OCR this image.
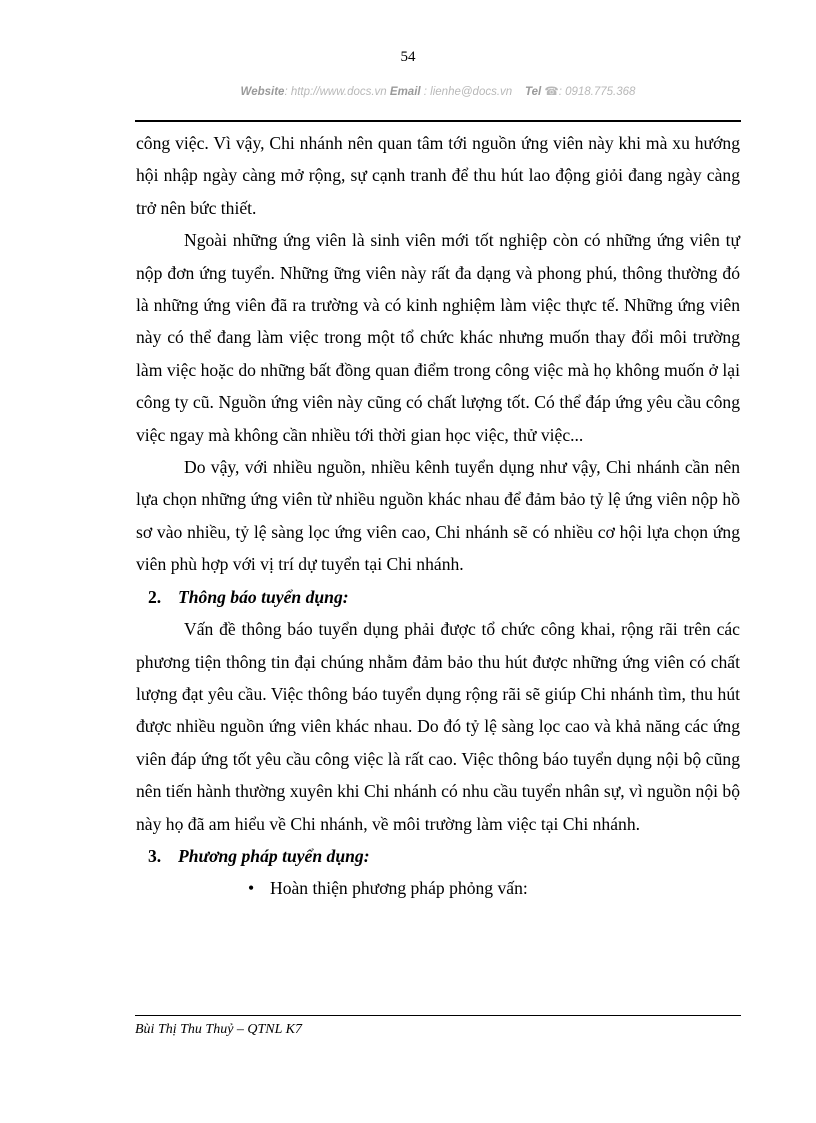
54
Website: http://www.docs.vn Email : lienhe@docs.vn Tel ☎: 0918.775.368

công việc. Vì vậy, Chi nhánh nên quan tâm tới nguồn ứng viên này khi mà xu hướng hội nhập ngày càng mở rộng, sự cạnh tranh để thu hút lao động giỏi đang ngày càng trở nên bức thiết.

Ngoài những ứng viên là sinh viên mới tốt nghiệp còn có những ứng viên tự nộp đơn ứng tuyển. Những ững viên này rất đa dạng và phong phú, thông thường đó là những ứng viên đã ra trường và có kinh nghiệm làm việc thực tế. Những ứng viên này có thể đang làm việc trong một tổ chức khác nhưng muốn thay đổi môi trường làm việc hoặc do những bất đồng quan điểm trong công việc mà họ không muốn ở lại công ty cũ. Nguồn ứng viên này cũng có chất lượng tốt. Có thể đáp ứng yêu cầu công việc ngay mà không cần nhiều tới thời gian học việc, thử việc...

Do vậy, với nhiều nguồn, nhiều kênh tuyển dụng như vậy, Chi nhánh cần nên lựa chọn những ứng viên từ nhiều nguồn khác nhau để đảm bảo tỷ lệ ứng viên nộp hồ sơ vào nhiều, tỷ lệ sàng lọc ứng viên cao, Chi nhánh sẽ có nhiều cơ hội lựa chọn ứng viên phù hợp với vị trí dự tuyển tại Chi nhánh.

2. Thông báo tuyển dụng:

Vấn đề thông báo tuyển dụng phải được tổ chức công khai, rộng rãi trên các phương tiện thông tin đại chúng nhằm đảm bảo thu hút được những ứng viên có chất lượng đạt yêu cầu. Việc thông báo tuyển dụng rộng rãi sẽ giúp Chi nhánh tìm, thu hút được nhiều nguồn ứng viên khác nhau. Do đó tỷ lệ sàng lọc cao và khả năng các ứng viên đáp ứng tốt yêu cầu công việc là rất cao. Việc thông báo tuyển dụng nội bộ cũng nên tiến hành thường xuyên khi Chi nhánh có nhu cầu tuyển nhân sự, vì nguồn nội bộ này họ đã am hiểu về Chi nhánh, về môi trường làm việc tại Chi nhánh.

3. Phương pháp tuyển dụng:
• Hoàn thiện phương pháp phỏng vấn:
Bùi Thị Thu Thuỷ – QTNL K7
